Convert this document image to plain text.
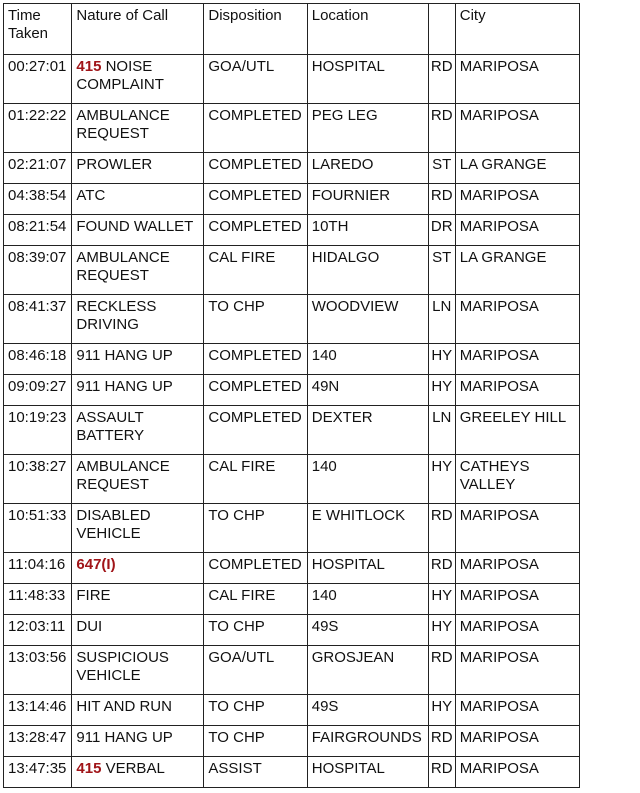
Time Taken	Nature of Call	Disposition	Location		City
00:27:01	415 NOISE COMPLAINT	GOA/UTL	HOSPITAL	RD	MARIPOSA
01:22:22	AMBULANCE REQUEST	COMPLETED	PEG LEG	RD	MARIPOSA
02:21:07	PROWLER	COMPLETED	LAREDO	ST	LA GRANGE
04:38:54	ATC	COMPLETED	FOURNIER	RD	MARIPOSA
08:21:54	FOUND WALLET	COMPLETED	10TH	DR	MARIPOSA
08:39:07	AMBULANCE REQUEST	CAL FIRE	HIDALGO	ST	LA GRANGE
08:41:37	RECKLESS DRIVING	TO CHP	WOODVIEW	LN	MARIPOSA
08:46:18	911 HANG UP	COMPLETED	140	HY	MARIPOSA
09:09:27	911 HANG UP	COMPLETED	49N	HY	MARIPOSA
10:19:23	ASSAULT BATTERY	COMPLETED	DEXTER	LN	GREELEY HILL
10:38:27	AMBULANCE REQUEST	CAL FIRE	140	HY	CATHEYS VALLEY
10:51:33	DISABLED VEHICLE	TO CHP	E WHITLOCK	RD	MARIPOSA
11:04:16	647(I)	COMPLETED	HOSPITAL	RD	MARIPOSA
11:48:33	FIRE	CAL FIRE	140	HY	MARIPOSA
12:03:11	DUI	TO CHP	49S	HY	MARIPOSA
13:03:56	SUSPICIOUS VEHICLE	GOA/UTL	GROSJEAN	RD	MARIPOSA
13:14:46	HIT AND RUN	TO CHP	49S	HY	MARIPOSA
13:28:47	911 HANG UP	TO CHP	FAIRGROUNDS	RD	MARIPOSA
13:47:35	415 VERBAL	ASSIST	HOSPITAL	RD	MARIPOSA
